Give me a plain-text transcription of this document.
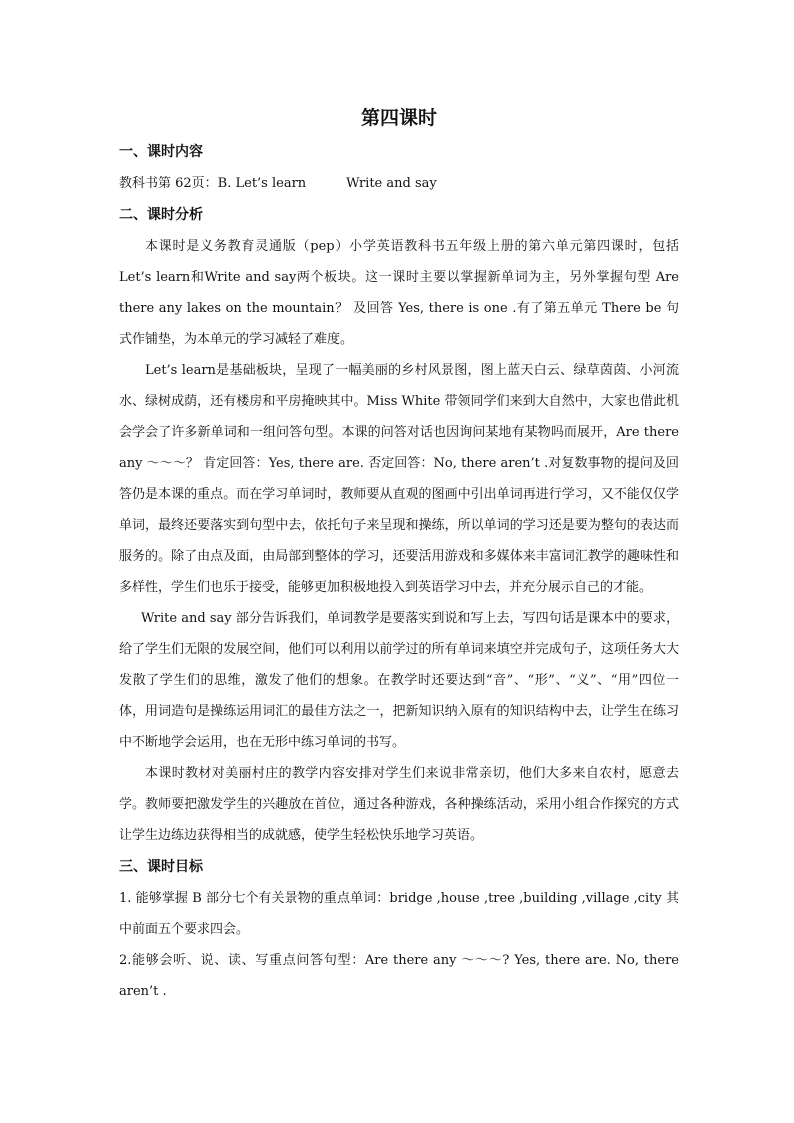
第四课时
一、课时内容

教科书第 62页：B. Let’s learn	Write and say

二、课时分析

本课时是义务教育灵通版（pep）小学英语教科书五年级上册的第六单元第四课时，包括Let’s learn和Write and say两个板块。这一课时主要以掌握新单词为主，另外掌握句型 Are there any lakes on the mountain？ 及回答 Yes, there is one .有了第五单元 There be 句式作铺垫，为本单元的学习减轻了难度。

Let’s learn是基础板块，呈现了一幅美丽的乡村风景图，图上蓝天白云、绿草茵茵、小河流水、绿树成荫，还有楼房和平房掩映其中。Miss White 带领同学们来到大自然中，大家也借此机会学会了许多新单词和一组问答句型。本课的问答对话也因询问某地有某物吗而展开，Are there any ～～～？ 肯定回答：Yes, there are. 否定回答：No, there aren’t .对复数事物的提问及回答仍是本课的重点。而在学习单词时，教师要从直观的图画中引出单词再进行学习，又不能仅仅学单词，最终还要落实到句型中去，依托句子来呈现和操练，所以单词的学习还是要为整句的表达而服务的。除了由点及面，由局部到整体的学习，还要活用游戏和多媒体来丰富词汇教学的趣味性和多样性，学生们也乐于接受，能够更加积极地投入到英语学习中去，并充分展示自己的才能。

Write and say 部分告诉我们，单词教学是要落实到说和写上去，写四句话是课本中的要求，给了学生们无限的发展空间，他们可以利用以前学过的所有单词来填空并完成句子，这项任务大大发散了学生们的思维，激发了他们的想象。在教学时还要达到“音”、“形”、“义”、“用”四位一体，用词造句是操练运用词汇的最佳方法之一，把新知识纳入原有的知识结构中去，让学生在练习中不断地学会运用，也在无形中练习单词的书写。

本课时教材对美丽村庄的教学内容安排对学生们来说非常亲切，他们大多来自农村，愿意去学。教师要把激发学生的兴趣放在首位，通过各种游戏，各种操练活动，采用小组合作探究的方式让学生边练边获得相当的成就感，使学生轻松快乐地学习英语。

三、课时目标

1. 能够掌握 B 部分七个有关景物的重点单词：bridge ,house ,tree ,building ,village ,city 其中前面五个要求四会。

2.能够会听、说、读、写重点问答句型：Are there any ～～～? Yes, there are. No, there aren’t .
